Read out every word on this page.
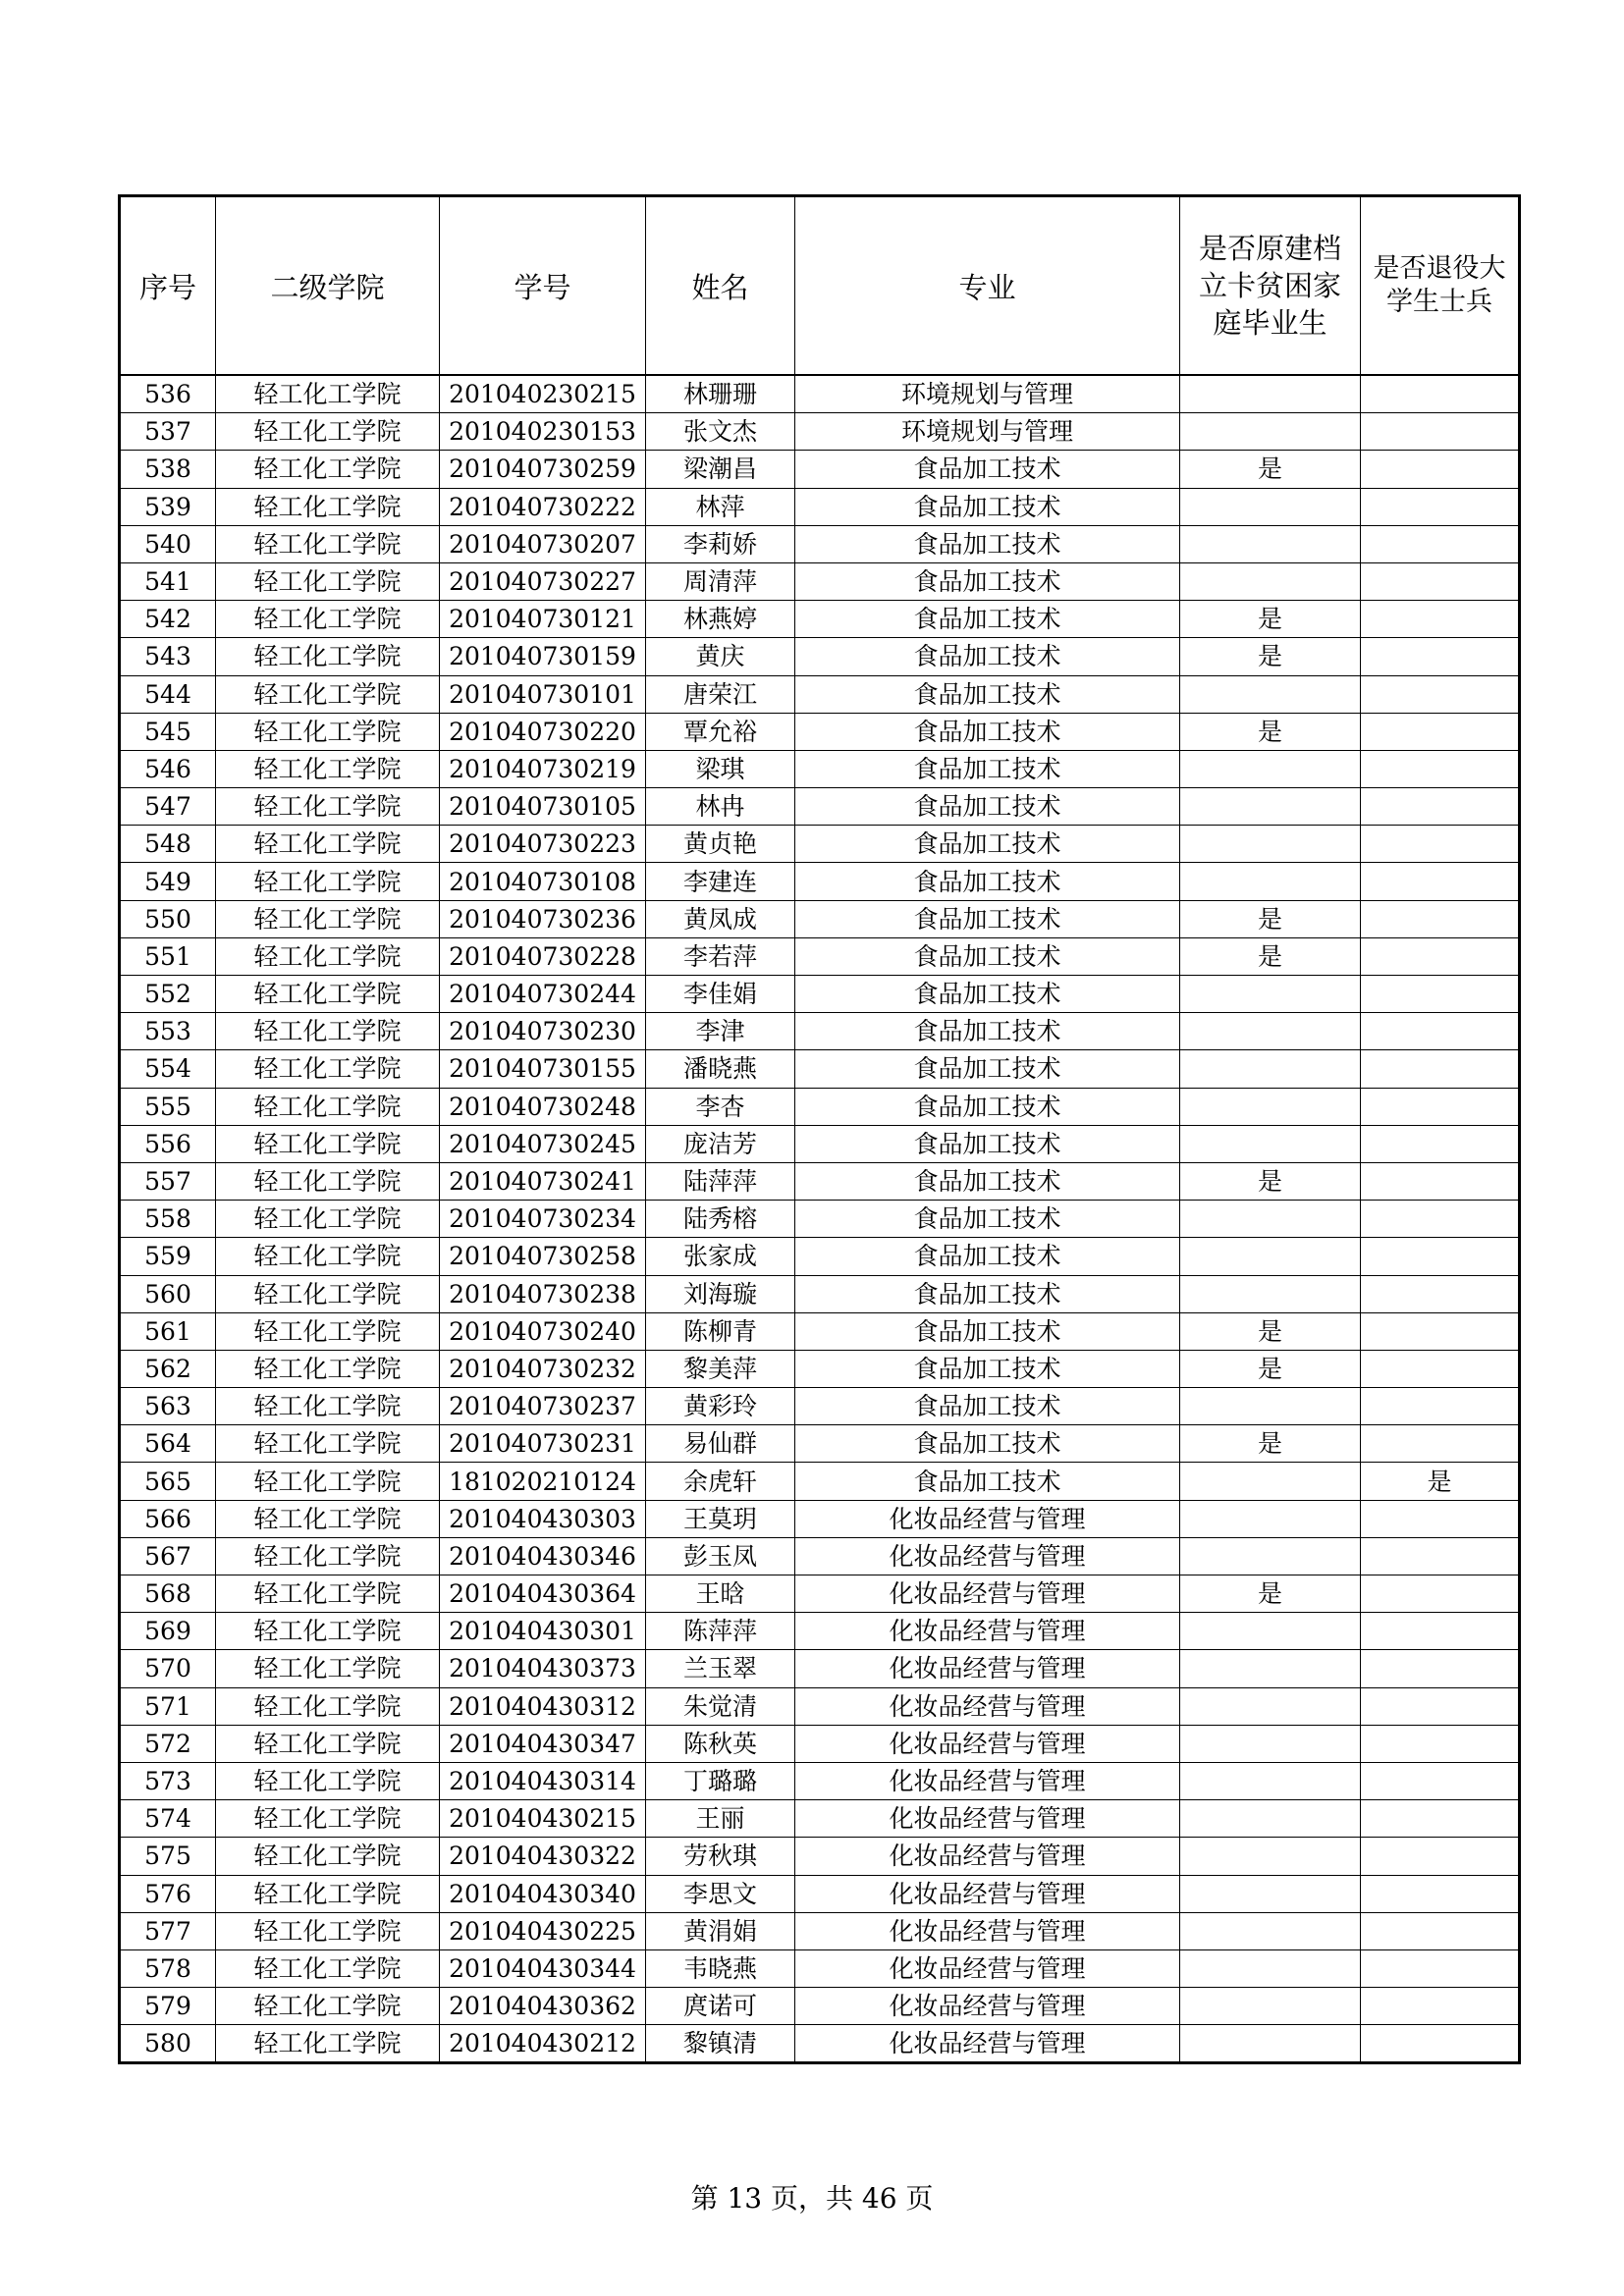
序号	二级学院	学号	姓名	专业	是否原建档立卡贫困家庭毕业生	是否退役大学生士兵
536	轻工化工学院	201040230215	林珊珊	环境规划与管理		
537	轻工化工学院	201040230153	张文杰	环境规划与管理		
538	轻工化工学院	201040730259	梁潮昌	食品加工技术	是	
539	轻工化工学院	201040730222	林萍	食品加工技术		
540	轻工化工学院	201040730207	李莉娇	食品加工技术		
541	轻工化工学院	201040730227	周清萍	食品加工技术		
542	轻工化工学院	201040730121	林燕婷	食品加工技术	是	
543	轻工化工学院	201040730159	黄庆	食品加工技术	是	
544	轻工化工学院	201040730101	唐荣江	食品加工技术		
545	轻工化工学院	201040730220	覃允裕	食品加工技术	是	
546	轻工化工学院	201040730219	梁琪	食品加工技术		
547	轻工化工学院	201040730105	林冉	食品加工技术		
548	轻工化工学院	201040730223	黄贞艳	食品加工技术		
549	轻工化工学院	201040730108	李建连	食品加工技术		
550	轻工化工学院	201040730236	黄凤成	食品加工技术	是	
551	轻工化工学院	201040730228	李若萍	食品加工技术	是	
552	轻工化工学院	201040730244	李佳娟	食品加工技术		
553	轻工化工学院	201040730230	李津	食品加工技术		
554	轻工化工学院	201040730155	潘晓燕	食品加工技术		
555	轻工化工学院	201040730248	李杏	食品加工技术		
556	轻工化工学院	201040730245	庞洁芳	食品加工技术		
557	轻工化工学院	201040730241	陆萍萍	食品加工技术	是	
558	轻工化工学院	201040730234	陆秀榕	食品加工技术		
559	轻工化工学院	201040730258	张家成	食品加工技术		
560	轻工化工学院	201040730238	刘海璇	食品加工技术		
561	轻工化工学院	201040730240	陈柳青	食品加工技术	是	
562	轻工化工学院	201040730232	黎美萍	食品加工技术	是	
563	轻工化工学院	201040730237	黄彩玲	食品加工技术		
564	轻工化工学院	201040730231	易仙群	食品加工技术	是	
565	轻工化工学院	181020210124	余虎轩	食品加工技术		是
566	轻工化工学院	201040430303	王莫玥	化妆品经营与管理		
567	轻工化工学院	201040430346	彭玉凤	化妆品经营与管理		
568	轻工化工学院	201040430364	王晗	化妆品经营与管理	是	
569	轻工化工学院	201040430301	陈萍萍	化妆品经营与管理		
570	轻工化工学院	201040430373	兰玉翠	化妆品经营与管理		
571	轻工化工学院	201040430312	朱觉清	化妆品经营与管理		
572	轻工化工学院	201040430347	陈秋英	化妆品经营与管理		
573	轻工化工学院	201040430314	丁璐璐	化妆品经营与管理		
574	轻工化工学院	201040430215	王丽	化妆品经营与管理		
575	轻工化工学院	201040430322	劳秋琪	化妆品经营与管理		
576	轻工化工学院	201040430340	李思文	化妆品经营与管理		
577	轻工化工学院	201040430225	黄涓娟	化妆品经营与管理		
578	轻工化工学院	201040430344	韦晓燕	化妆品经营与管理		
579	轻工化工学院	201040430362	庹诺可	化妆品经营与管理		
580	轻工化工学院	201040430212	黎镇清	化妆品经营与管理		
第 13 页，共 46 页
